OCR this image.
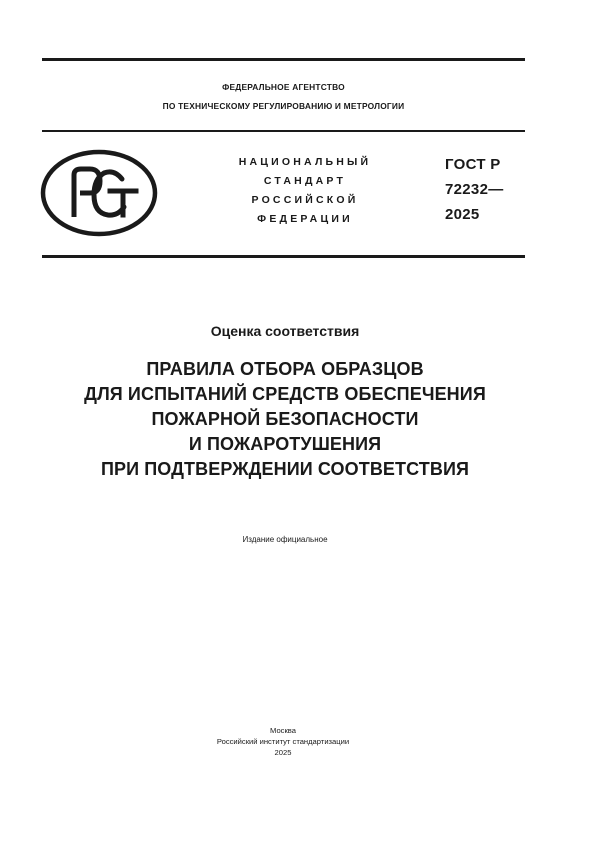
ФЕДЕРАЛЬНОЕ АГЕНТСТВО
ПО ТЕХНИЧЕСКОМУ РЕГУЛИРОВАНИЮ И МЕТРОЛОГИИ
НАЦИОНАЛЬНЫЙ
СТАНДАРТ
РОССИЙСКОЙ
ФЕДЕРАЦИИ
ГОСТ Р
72232—
2025
Оценка соответствия
ПРАВИЛА ОТБОРА ОБРАЗЦОВ
ДЛЯ ИСПЫТАНИЙ СРЕДСТВ ОБЕСПЕЧЕНИЯ
ПОЖАРНОЙ БЕЗОПАСНОСТИ
И ПОЖАРОТУШЕНИЯ
ПРИ ПОДТВЕРЖДЕНИИ СООТВЕТСТВИЯ
Издание официальное
Москва
Российский институт стандартизации
2025
